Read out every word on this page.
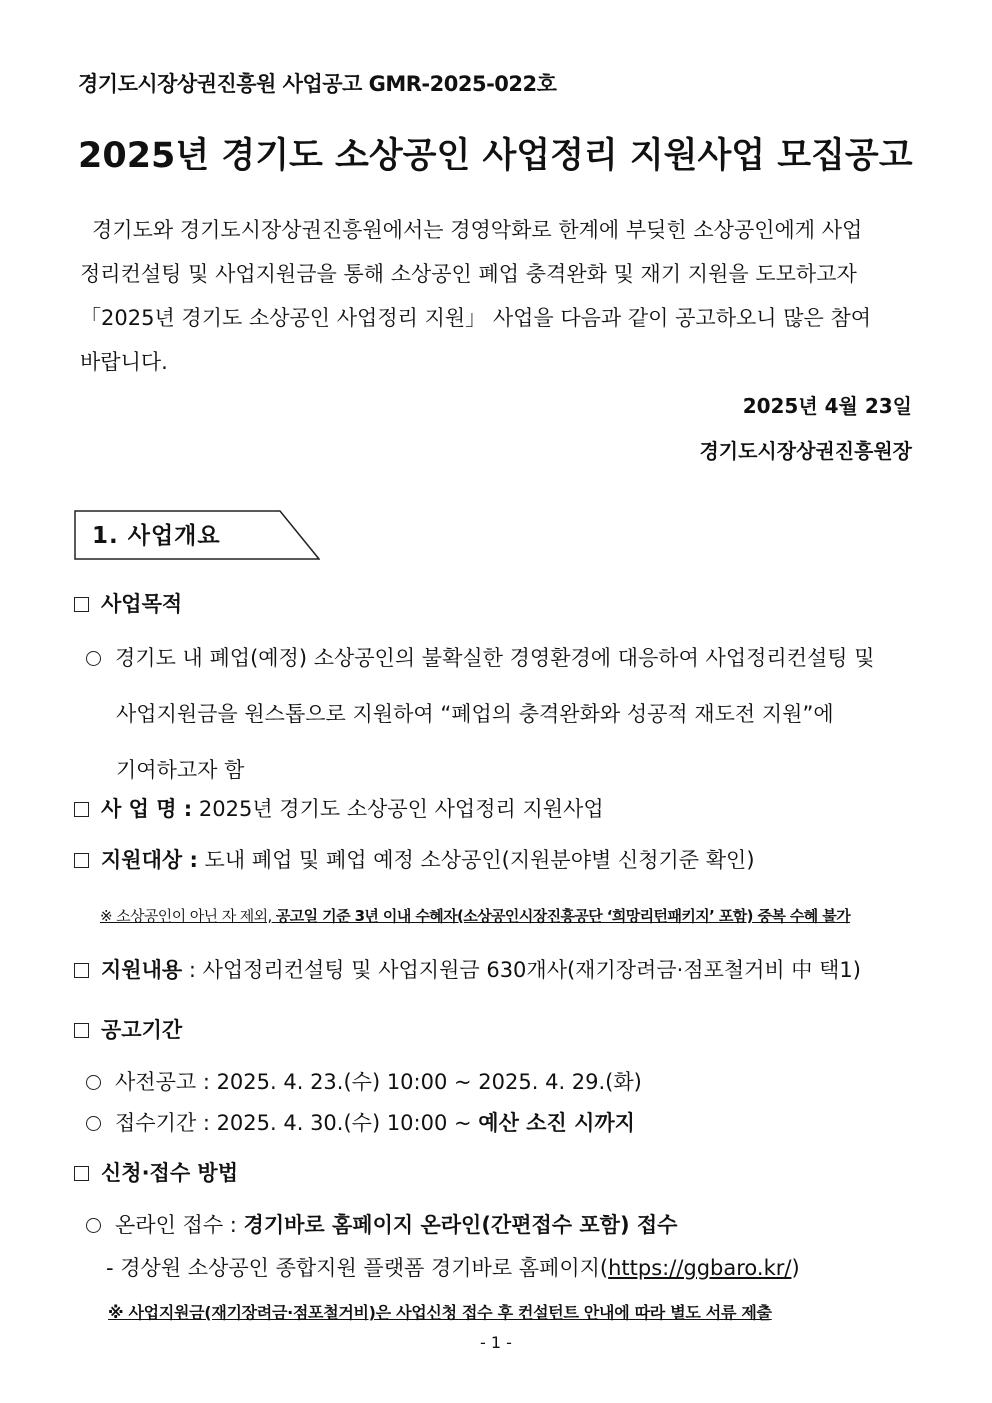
경기도시장상권진흥원 사업공고 GMR-2025-022호
2025년 경기도 소상공인 사업정리 지원사업 모집공고
경기도와 경기도시장상권진흥원에서는 경영악화로 한계에 부딪힌 소상공인에게 사업
정리컨설팅 및 사업지원금을 통해 소상공인 폐업 충격완화 및 재기 지원을 도모하고자
「2025년 경기도 소상공인 사업정리 지원」 사업을 다음과 같이 공고하오니 많은 참여
바랍니다.
2025년 4월 23일
경기도시장상권진흥원장
1. 사업개요
사업목적
경기도 내 폐업(예정) 소상공인의 불확실한 경영환경에 대응하여 사업정리컨설팅 및
사업지원금을 원스톱으로 지원하여 “폐업의 충격완화와 성공적 재도전 지원”에
기여하고자 함
사 업 명 : 2025년 경기도 소상공인 사업정리 지원사업
지원대상 : 도내 폐업 및 폐업 예정 소상공인(지원분야별 신청기준 확인)
※ 소상공인이 아닌 자 제외, 공고일 기준 3년 이내 수혜자(소상공인시장진흥공단 ‘희망리턴패키지’ 포함) 중복 수혜 불가
지원내용 : 사업정리컨설팅 및 사업지원금 630개사(재기장려금·점포철거비 中 택1)
공고기간
사전공고 : 2025. 4. 23.(수) 10:00 ~ 2025. 4. 29.(화)
접수기간 : 2025. 4. 30.(수) 10:00 ~ 예산 소진 시까지
신청·접수 방법
온라인 접수 : 경기바로 홈페이지 온라인(간편접수 포함) 접수
- 경상원 소상공인 종합지원 플랫폼 경기바로 홈페이지(https://ggbaro.kr/)
※ 사업지원금(재기장려금·점포철거비)은 사업신청 접수 후 컨설턴트 안내에 따라 별도 서류 제출
- 1 -
